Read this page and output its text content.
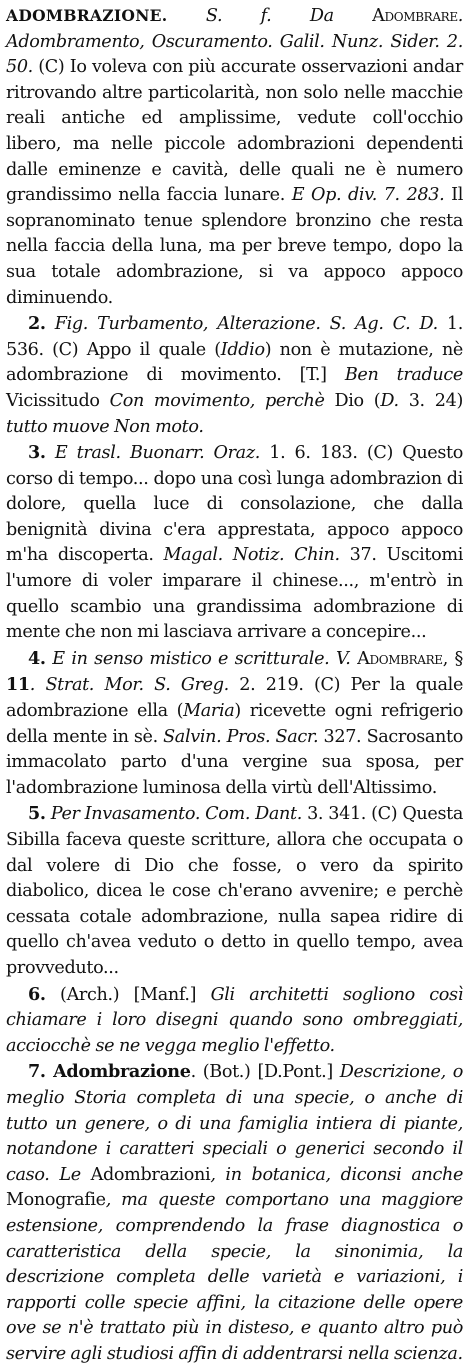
ADOMBRAZIONE. S. f. Da Adombrare. Adombramento, Oscuramento. Galil. Nunz. Sider. 2. 50. (C) Io voleva con più accurate osservazioni andar ritrovando altre particolarità, non solo nelle macchie reali antiche ed amplissime, vedute coll'occhio libero, ma nelle piccole adombrazioni dependenti dalle eminenze e cavità, delle quali ne è numero grandissimo nella faccia lunare. E Op. div. 7. 283. Il sopranominato tenue splendore bronzino che resta nella faccia della luna, ma per breve tempo, dopo la sua totale adombrazione, si va appoco appoco diminuendo.

2. Fig. Turbamento, Alterazione. S. Ag. C. D. 1. 536. (C) Appo il quale (Iddio) non è mutazione, nè adombrazione di movimento. [T.] Ben traduce Vicissitudo Con movimento, perchè Dio (D. 3. 24) tutto muove Non moto.

3. E trasl. Buonarr. Oraz. 1. 6. 183. (C) Questo corso di tempo... dopo una così lunga adombrazion di dolore, quella luce di consolazione, che dalla benignità divina c'era apprestata, appoco appoco m'ha discoperta. Magal. Notiz. Chin. 37. Uscitomi l'umore di voler imparare il chinese..., m'entrò in quello scambio una grandissima adombrazione di mente che non mi lasciava arrivare a concepire...

4. E in senso mistico e scritturale. V. Adombrare, § 11. Strat. Mor. S. Greg. 2. 219. (C) Per la quale adombrazione ella (Maria) ricevette ogni refrigerio della mente in sè. Salvin. Pros. Sacr. 327. Sacrosanto immacolato parto d'una vergine sua sposa, per l'adombrazione luminosa della virtù dell'Altissimo.

5. Per Invasamento. Com. Dant. 3. 341. (C) Questa Sibilla faceva queste scritture, allora che occupata o dal volere di Dio che fosse, o vero da spirito diabolico, dicea le cose ch'erano avvenire; e perchè cessata cotale adombrazione, nulla sapea ridire di quello ch'avea veduto o detto in quello tempo, avea provveduto...

6. (Arch.) [Manf.] Gli architetti sogliono così chiamare i loro disegni quando sono ombreggiati, acciocchè se ne vegga meglio l'effetto.

7. Adombrazione. (Bot.) [D.Pont.] Descrizione, o meglio Storia completa di una specie, o anche di tutto un genere, o di una famiglia intiera di piante, notandone i caratteri speciali o generici secondo il caso. Le Adombrazioni, in botanica, diconsi anche Monografie, ma queste comportano una maggiore estensione, comprendendo la frase diagnostica o caratteristica della specie, la sinonimia, la descrizione completa delle varietà e variazioni, i rapporti colle specie affini, la citazione delle opere ove se n'è trattato più in disteso, e quanto altro può servire agli studiosi affin di addentrarsi nella scienza.
